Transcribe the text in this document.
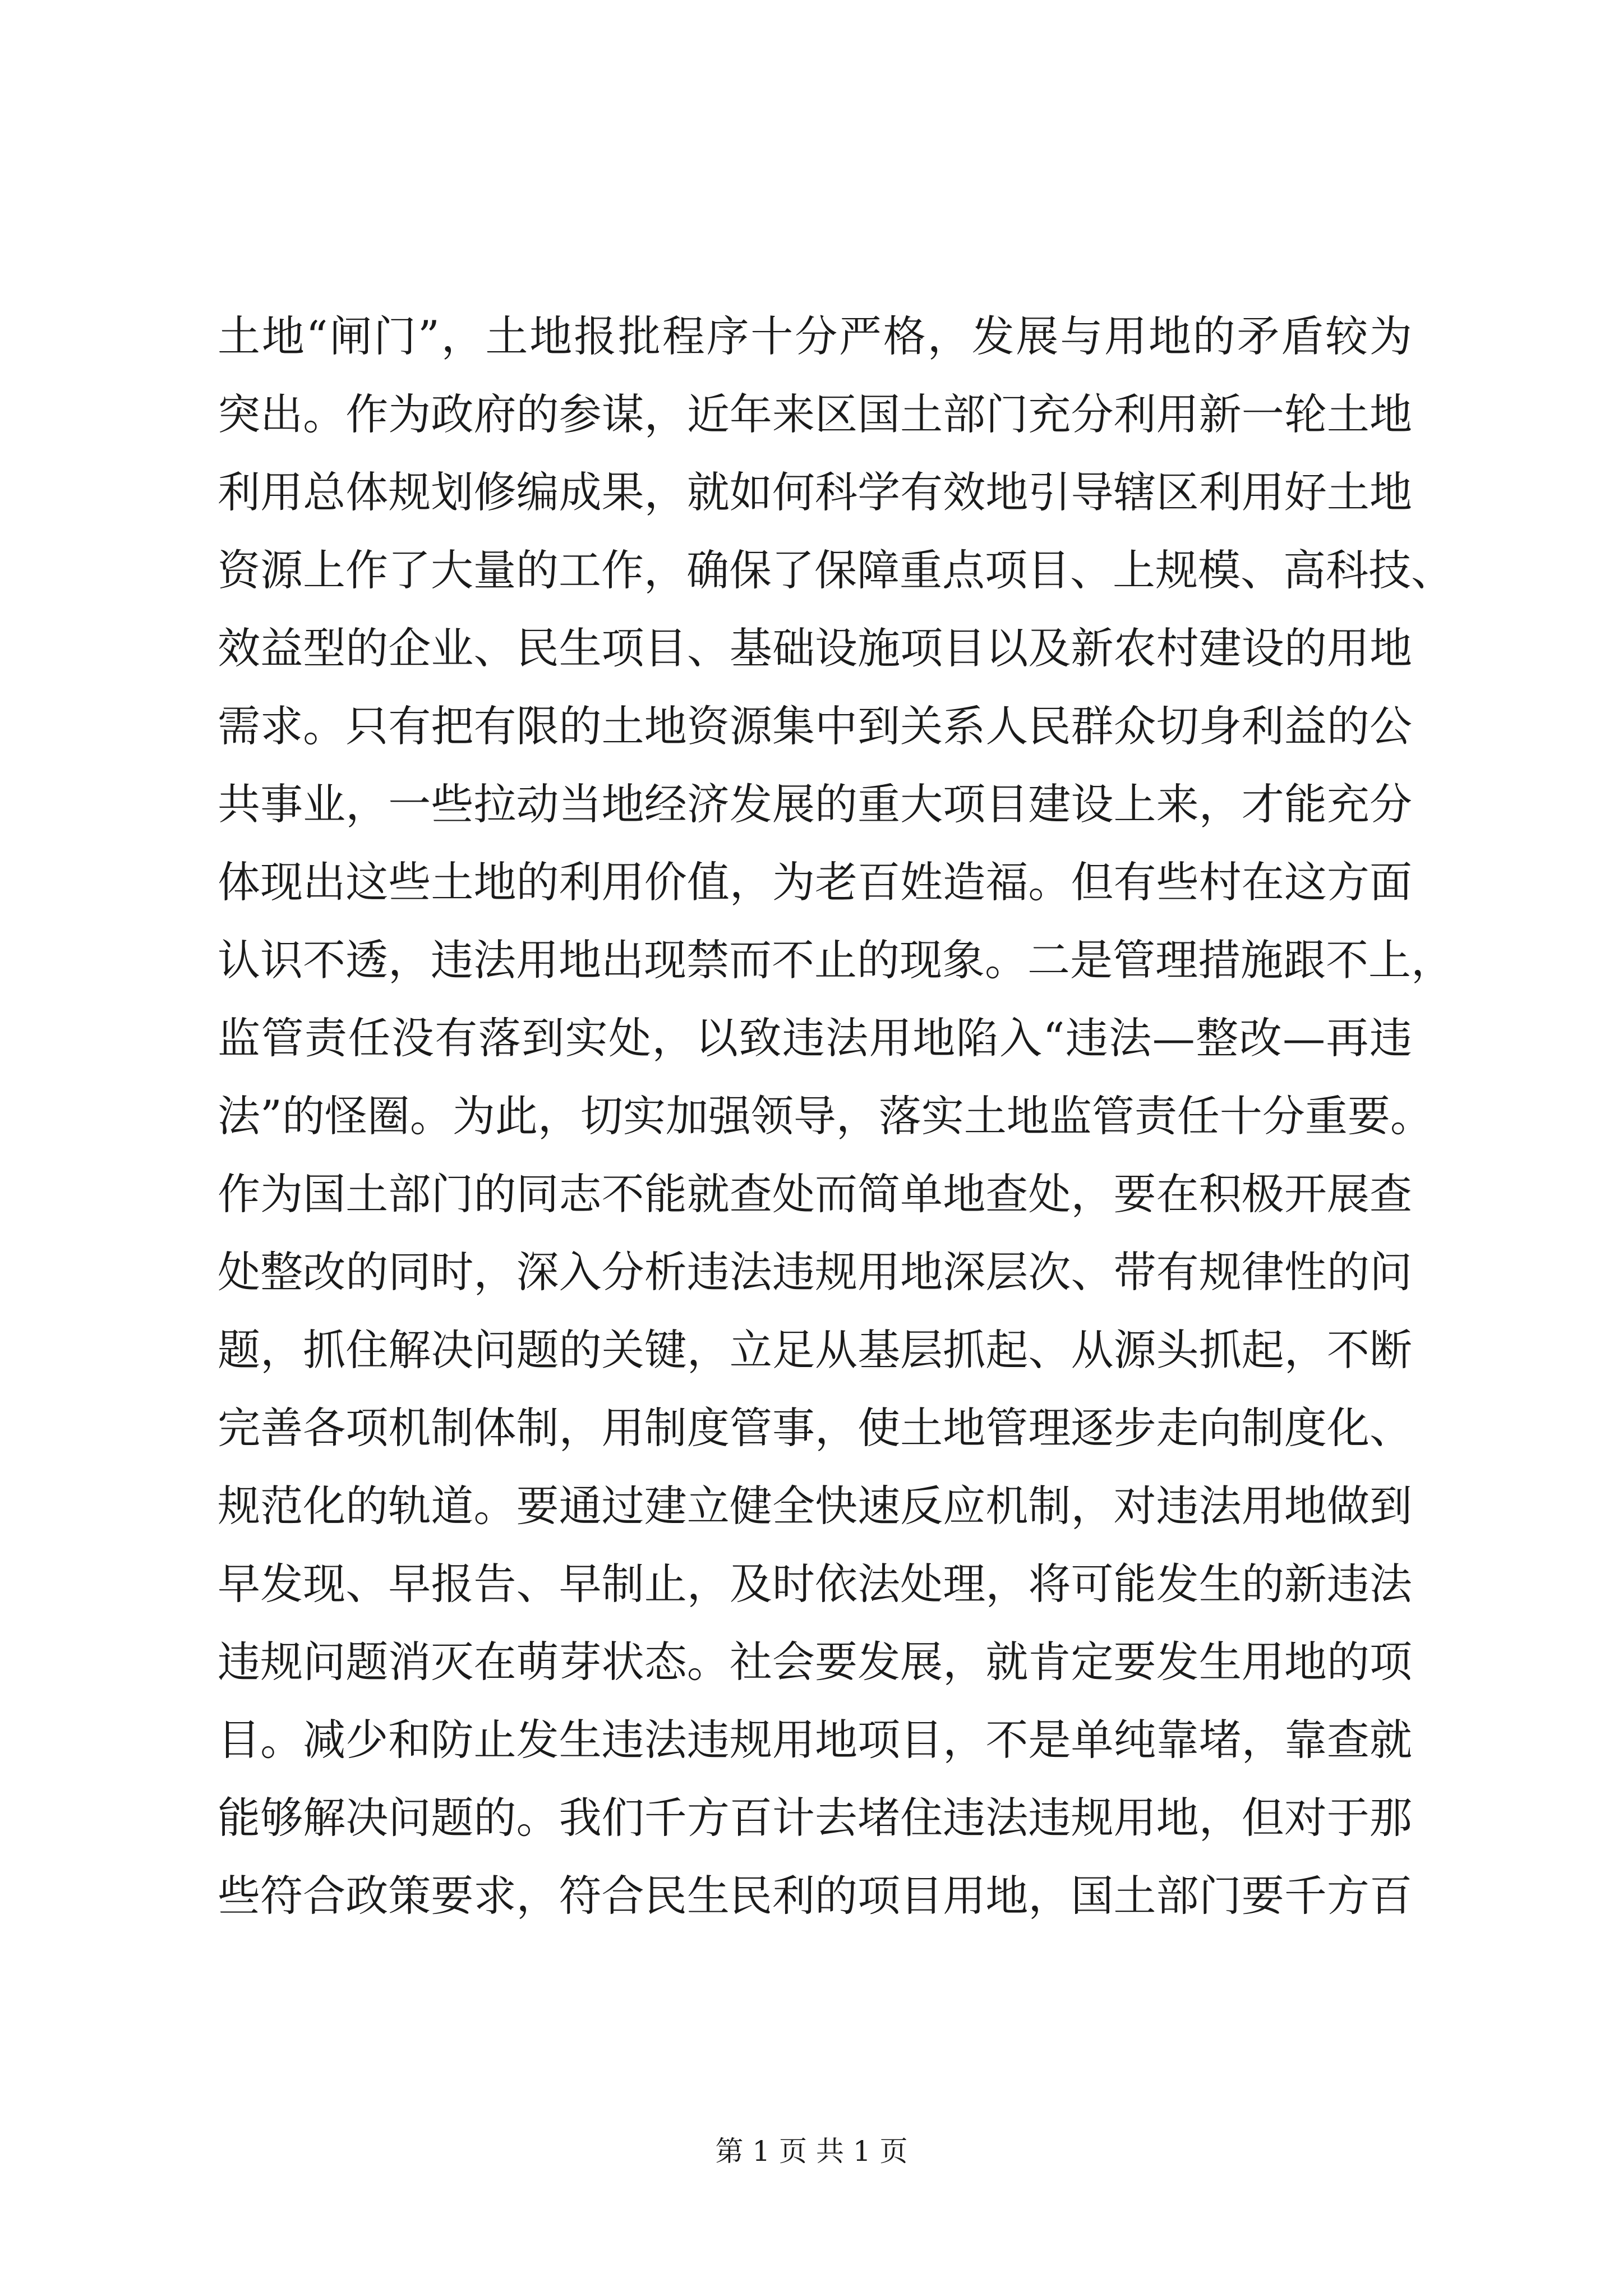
土地“闸门”，土地报批程序十分严格，发展与用地的矛盾较为
突出。作为政府的参谋，近年来区国土部门充分利用新一轮土地
利用总体规划修编成果，就如何科学有效地引导辖区利用好土地
资源上作了大量的工作，确保了保障重点项目、上规模、高科技、
效益型的企业、民生项目、基础设施项目以及新农村建设的用地
需求。只有把有限的土地资源集中到关系人民群众切身利益的公
共事业，一些拉动当地经济发展的重大项目建设上来，才能充分
体现出这些土地的利用价值，为老百姓造福。但有些村在这方面
认识不透，违法用地出现禁而不止的现象。二是管理措施跟不上，
监管责任没有落到实处，以致违法用地陷入“违法—整改—再违
法”的怪圈。为此，切实加强领导，落实土地监管责任十分重要。
作为国土部门的同志不能就查处而简单地查处，要在积极开展查
处整改的同时，深入分析违法违规用地深层次、带有规律性的问
题，抓住解决问题的关键，立足从基层抓起、从源头抓起，不断
完善各项机制体制，用制度管事，使土地管理逐步走向制度化、
规范化的轨道。要通过建立健全快速反应机制，对违法用地做到
早发现、早报告、早制止，及时依法处理，将可能发生的新违法
违规问题消灭在萌芽状态。社会要发展，就肯定要发生用地的项
目。减少和防止发生违法违规用地项目，不是单纯靠堵，靠查就
能够解决问题的。我们千方百计去堵住违法违规用地，但对于那
些符合政策要求，符合民生民利的项目用地，国土部门要千方百
第 1 页 共 1 页
